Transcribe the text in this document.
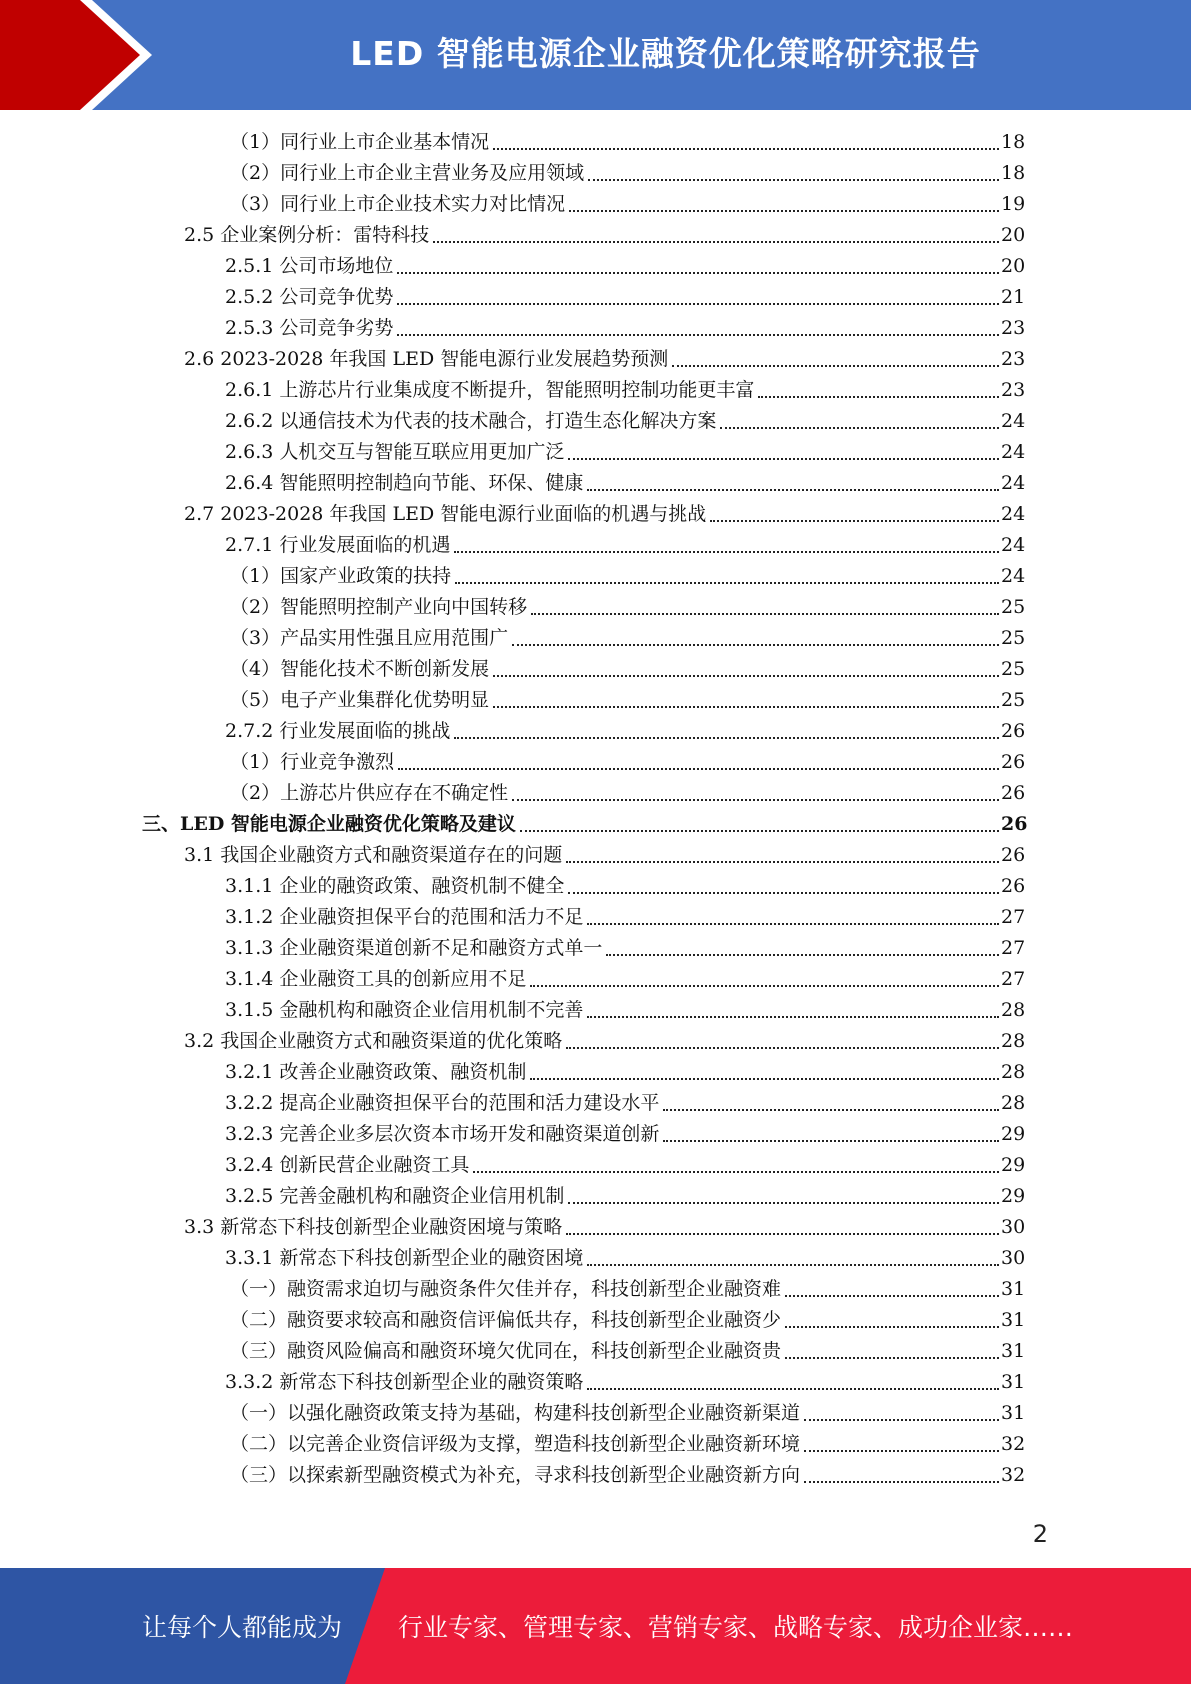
LED 智能电源企业融资优化策略研究报告
（1）同行业上市企业基本情况	18
（2）同行业上市企业主营业务及应用领域	18
（3）同行业上市企业技术实力对比情况	19
2.5 企业案例分析：雷特科技	20
2.5.1 公司市场地位	20
2.5.2 公司竞争优势	21
2.5.3 公司竞争劣势	23
2.6 2023-2028 年我国 LED 智能电源行业发展趋势预测	23
2.6.1 上游芯片行业集成度不断提升，智能照明控制功能更丰富	23
2.6.2 以通信技术为代表的技术融合，打造生态化解决方案	24
2.6.3 人机交互与智能互联应用更加广泛	24
2.6.4 智能照明控制趋向节能、环保、健康	24
2.7 2023-2028 年我国 LED 智能电源行业面临的机遇与挑战	24
2.7.1 行业发展面临的机遇	24
（1）国家产业政策的扶持	24
（2）智能照明控制产业向中国转移	25
（3）产品实用性强且应用范围广	25
（4）智能化技术不断创新发展	25
（5）电子产业集群化优势明显	25
2.7.2 行业发展面临的挑战	26
（1）行业竞争激烈	26
（2）上游芯片供应存在不确定性	26
三、LED 智能电源企业融资优化策略及建议	26
3.1 我国企业融资方式和融资渠道存在的问题	26
3.1.1 企业的融资政策、融资机制不健全	26
3.1.2 企业融资担保平台的范围和活力不足	27
3.1.3 企业融资渠道创新不足和融资方式单一	27
3.1.4 企业融资工具的创新应用不足	27
3.1.5 金融机构和融资企业信用机制不完善	28
3.2 我国企业融资方式和融资渠道的优化策略	28
3.2.1 改善企业融资政策、融资机制	28
3.2.2 提高企业融资担保平台的范围和活力建设水平	28
3.2.3 完善企业多层次资本市场开发和融资渠道创新	29
3.2.4 创新民营企业融资工具	29
3.2.5 完善金融机构和融资企业信用机制	29
3.3 新常态下科技创新型企业融资困境与策略	30
3.3.1 新常态下科技创新型企业的融资困境	30
（一）融资需求迫切与融资条件欠佳并存，科技创新型企业融资难	31
（二）融资要求较高和融资信评偏低共存，科技创新型企业融资少	31
（三）融资风险偏高和融资环境欠优同在，科技创新型企业融资贵	31
3.3.2 新常态下科技创新型企业的融资策略	31
（一）以强化融资政策支持为基础，构建科技创新型企业融资新渠道	31
（二）以完善企业资信评级为支撑，塑造科技创新型企业融资新环境	32
（三）以探索新型融资模式为补充，寻求科技创新型企业融资新方向	32
2
让每个人都能成为 行业专家、管理专家、营销专家、战略专家、成功企业家……
